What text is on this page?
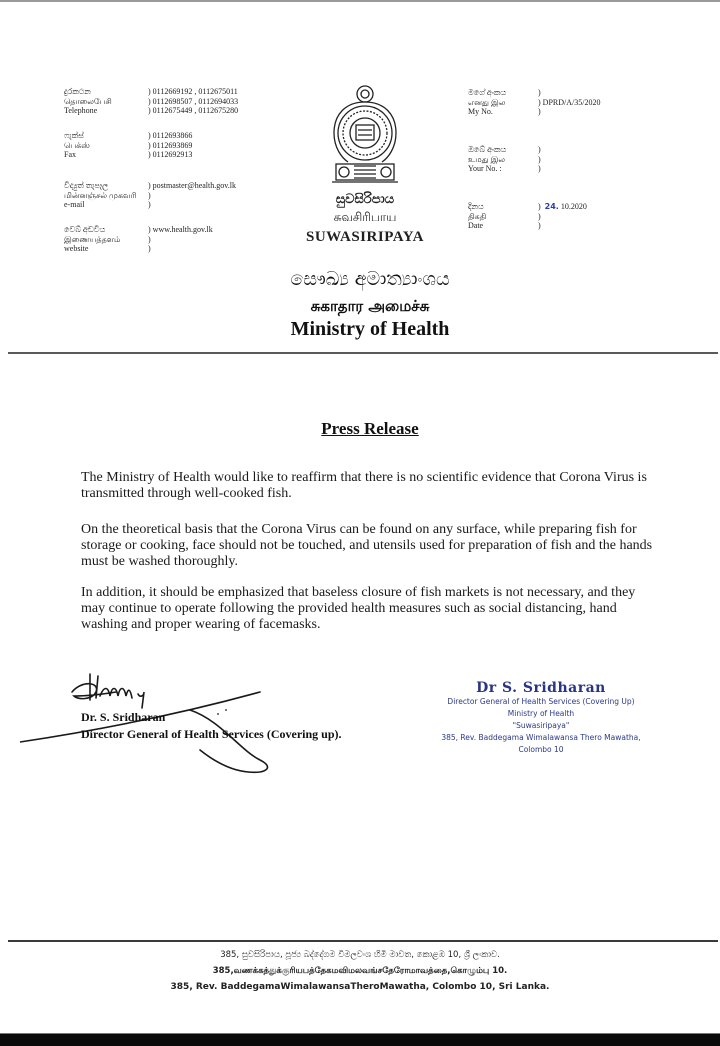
දුරකථන	) 0112669192 , 0112675011
தொலைபேசி	) 0112698507 , 0112694033
Telephone	) 0112675449 , 0112675280
ෆැක්ස්	) 0112693866
பெக்ஸ்	) 0112693869
Fax	) 0112692913
විද්‍යුත් තැපෑල	) postmaster@health.gov.lk
மின்னஞ்சல் முகவரி	)
e-mail	)
වෙබ් අඩවිය	) www.health.gov.lk
இணையத்தளம்	)
website	)
සුවසිරිපාය
சுவசிரிபாய
SUWASIRIPAYA
මගේ අංකය	)
எனது இல	) DPRD/A/35/2020
My No.	)
ඔබේ අංකය	)
உமது இல	)
Your No. :	)
දිනය	) 24. 10.2020
திகதி	)
Date	)
සෞඛ්‍ය අමාත්‍යාංශය
சுகாதார அமைச்சு
Ministry of Health
Press Release
The Ministry of Health would like to reaffirm that there is no scientific evidence that Corona Virus is transmitted through well-cooked fish.
On the theoretical basis that the Corona Virus can be found on any surface, while preparing fish for storage or cooking, face should not be touched, and utensils used for preparation of fish and the hands must be washed thoroughly.
In addition, it should be emphasized that baseless closure of fish markets is not necessary, and they may continue to operate following the provided health measures such as social distancing, hand washing and proper wearing of facemasks.
Dr. S. Sridharan
Director General of Health Services (Covering up).
Dr S. Sridharan
Director General of Health Services (Covering Up)
Ministry of Health
"Suwasiripaya"
385, Rev. Baddegama Wimalawansa Thero Mawatha,
Colombo 10
385, සුවසිරිපාය, පූජ්‍ය බද්දේගම විමලවංශ හිමි මාවත, කොළඹ 10, ශ්‍රී ලංකාව.
385,வணக்கத்துக்குரியபத்தேகமவிமலவங்சதேரோமாவத்தை,கொழும்பு 10.
385, Rev. BaddegamaWimalawansaTheroMawatha, Colombo 10, Sri Lanka.
